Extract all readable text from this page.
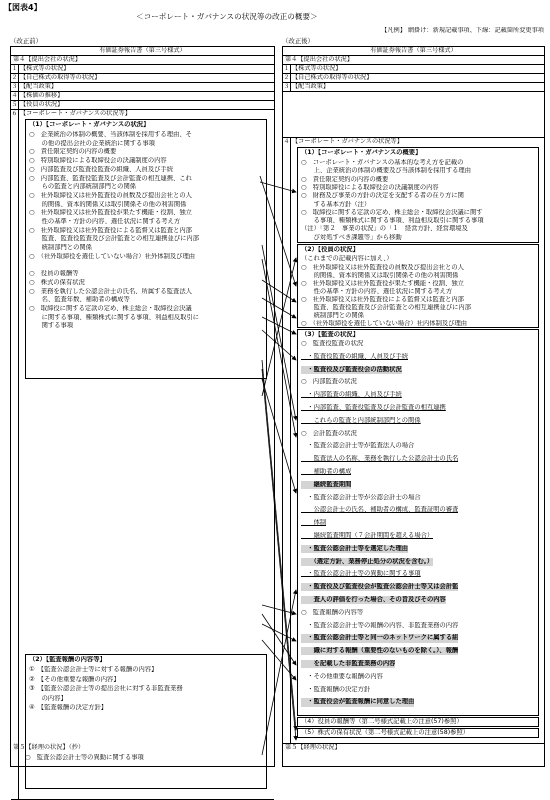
【図表4】
＜コーポレート・ガバナンスの状況等の改正の概要＞
【凡例】 網掛け：新規記載事項、下線：記載箇所変更事項
（改正前）
有価証券報告書（第三号様式）
第４【提出会社の状況】
１ 【株式等の状況】
２ 【自己株式の取得等の状況】
３ 【配当政策】
４ 【株価の推移】
５ 【役員の状況】
６ 【コーポレート・ガバナンスの状況等】
（1）【コーポレート・ガバナンスの状況】
○　企業統治の体制の概要、当該体制を採用する理由、そ
　　の他の提出会社の企業統治に関する事項
○　責任限定契約の内容の概要
○　特別取締役による取締役会の決議制度の内容
○　内部監査及び監査役監査の組織、人員及び手続
○　内部監査、監査役監査及び会計監査の相互連携、これ
　　らの監査と内部統制部門との関係
○　社外取締役又は社外監査役の員数及び提出会社との人
　　的関係、資本的関係又は取引関係その他の利害関係
○　社外取締役又は社外監査役が果たす機能・役割、独立
　　性の基準・方針の内容、選任状況に関する考え方
○　社外取締役又は社外監査役による監督又は監査と内部
　　監査、監査役監査及び会計監査との相互連携並びに内部
　　統制部門との関係
○　（社外取締役を選任していない場合）社外体制及び理由
○　役員の報酬等
○　株式の保有状況
○　業務を執行した公認会計士の氏名、所属する監査法人
　　名、監査年数、補助者の構成等
○　取締役に関する定款の定め、株主総会・取締役会決議
　　に関する事項、種類株式に関する事項、利益相反取引に
　　関する事項
（2）【監査報酬の内容等】
①　【監査公認会計士等に対する報酬の内容】
②　【その他重要な報酬の内容】
③　【監査公認会計士等の提出会社に対する非監査業務
　　の内容】
④　【監査報酬の決定方針】
第５【経理の状況】（抄）
○　監査公認会計士等の異動に関する事項
（改正後）
有価証券報告書（第三号様式）
第４【提出会社の状況】
１ 【株式等の状況】
２ 【自己株式の取得等の状況】
３ 【配当政策】
４ 【コーポレート・ガバナンスの状況等】
（1）【コーポレート・ガバナンスの概要】
○　コーポレート・ガバナンスの基本的な考え方を記載の
　　上、企業統治の体制の概要及び当該体制を採用する理由
○　責任限定契約の内容の概要
○　特別取締役による取締役会の決議制度の内容
○　財務及び事業の方針の決定を支配する者の在り方に関
　　する基本方針（注）
○　取締役に関する定款の定め、株主総会・取締役会決議に関す
　　る事項、種類株式に関する事項、利益相反取引に関する事項
（注）「第２　事業の状況」の「１　経営方針、経営環境及
　　び対処すべき課題等」から移動
（2）【役員の状況】
（これまでの記載内容に加え、）
○　社外取締役又は社外監査役の員数及び提出会社との人
　　的関係、資本的関係又は取引関係その他の利害関係
○　社外取締役又は社外監査役が果たす機能・役割、独立
　　性の基準・方針の内容、選任状況に関する考え方
○　社外取締役又は社外監査役による監督又は監査と内部
　　監査、監査役監査及び会計監査との相互連携並びに内部
　　統制部門との関係
○　（社外取締役を選任していない場合）社内体制及び理由
（3）【監査の状況】
○　監査役監査の状況
　・監査役監査の組織、人員及び手続
　・監査役及び監査役会の活動状況
○　内部監査の状況
　・内部監査の組織、人員及び手続
　・内部監査、監査役監査及び会計監査の相互連携
　　これらの監査と内部統制部門との関係
○　会計監査の状況
　・監査公認会計士等が監査法人の場合
　　監査法人の名称、業務を執行した公認会計士の氏名
　　補助者の構成
　　継続監査期間
　・監査公認会計士等が公認会計士の場合
　　公認会計士の氏名、補助者の構成、監査証明の審査
　　体制
　　継続監査期間（７会計期間を超える場合）
　・監査公認会計士等を選定した理由
　　（選定方針、業務停止処分の状況を含む。）
　・監査公認会計士等の異動に関する事項
　・監査役及び監査役会が監査公認会計士等又は会計監
　　査人の評価を行った場合、その旨及びその内容
○　監査報酬の内容等
　・監査公認会計士等の報酬の内容、非監査業務の内容
　・監査公認会計士等と同一のネットワークに属する組
　　織に対する報酬（重要性のないものを除く。）、報酬
　　を記載した非監査業務の内容
　・その他重要な報酬の内容
　・監査報酬の決定方針
　・監査役会が監査報酬に同意した理由
（4）役員の報酬等（第二号様式記載上の注意(57)参照）
（5）株式の保有状況（第二号様式記載上の注意(58)参照）
第５【経理の状況】
